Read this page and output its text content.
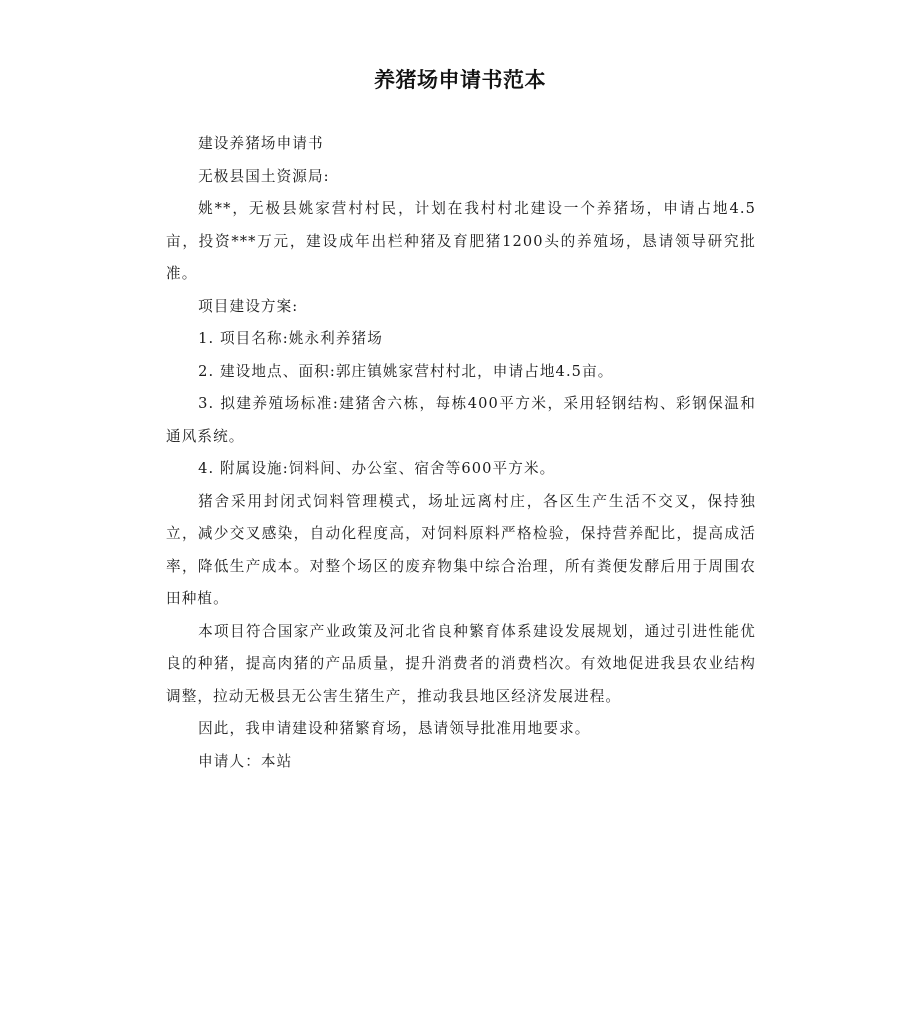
养猪场申请书范本

建设养猪场申请书

无极县国土资源局:

姚**，无极县姚家营村村民，计划在我村村北建设一个养猪场，申请占地4.5亩，投资***万元，建设成年出栏种猪及育肥猪1200头的养殖场，恳请领导研究批准。

项目建设方案:

1. 项目名称:姚永利养猪场

2. 建设地点、面积:郭庄镇姚家营村村北，申请占地4.5亩。

3. 拟建养殖场标准:建猪舍六栋，每栋400平方米，采用轻钢结构、彩钢保温和通风系统。

4. 附属设施:饲料间、办公室、宿舍等600平方米。

猪舍采用封闭式饲料管理模式，场址远离村庄，各区生产生活不交叉，保持独立，减少交叉感染，自动化程度高，对饲料原料严格检验，保持营养配比，提高成活率，降低生产成本。对整个场区的废弃物集中综合治理，所有粪便发酵后用于周围农田种植。

本项目符合国家产业政策及河北省良种繁育体系建设发展规划，通过引进性能优良的种猪，提高肉猪的产品质量，提升消费者的消费档次。有效地促进我县农业结构调整，拉动无极县无公害生猪生产，推动我县地区经济发展进程。

因此，我申请建设种猪繁育场，恳请领导批准用地要求。

申请人：本站
